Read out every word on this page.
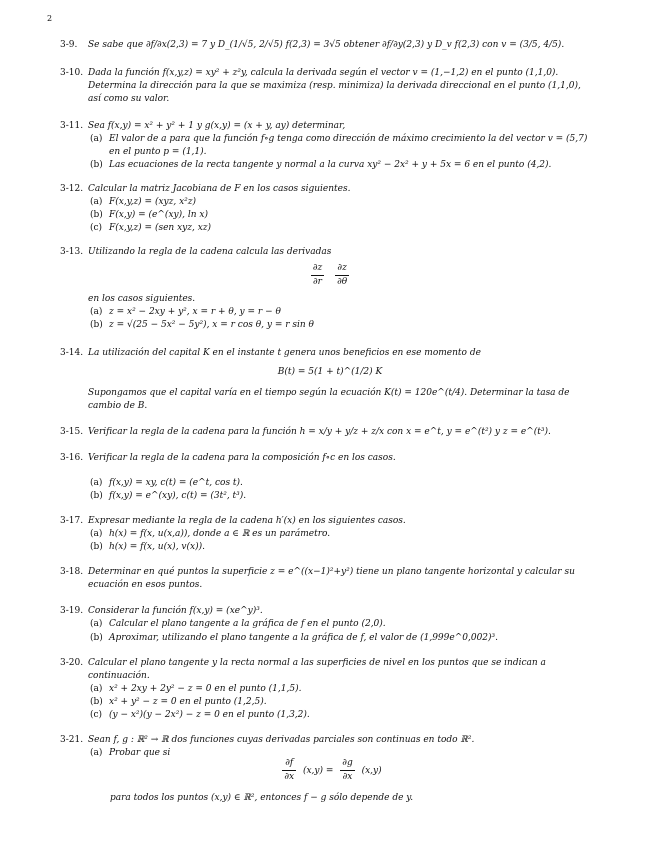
2
3-9. Se sabe que ∂f/∂x(2,3) = 7 y D_(1/√5, 2/√5) f(2,3) = 3√5 obtener ∂f/∂y(2,3) y D_v f(2,3) con v = (3/5, 4/5).
3-10. Dada la función f(x,y,z) = xy² + z²y, calcula la derivada según el vector v = (1,−1,2) en el punto (1,1,0). Determina la dirección para la que se maximiza (resp. minimiza) la derivada direccional en el punto (1,1,0), así como su valor.
3-11. Sea f(x,y) = x² + y² + 1 y g(x,y) = (x + y, ay) determinar,
(a) El valor de a para que la función f∘g tenga como dirección de máximo crecimiento la del vector v = (5,7) en el punto p = (1,1).
(b) Las ecuaciones de la recta tangente y normal a la curva xy² − 2x² + y + 5x = 6 en el punto (4,2).
3-12. Calcular la matriz Jacobiana de F en los casos siguientes.
(a) F(x,y,z) = (xyz, x²z)
(b) F(x,y) = (e^(xy), ln x)
(c) F(x,y,z) = (sen xyz, xz)
3-13. Utilizando la regla de la cadena calcula las derivadas
$\frac{\partial z}{\partial r}$
$\frac{\partial z}{\partial\theta}$
en los casos siguientes.
(a) z = x² − 2xy + y², x = r + θ, y = r − θ
(b) z = √(25 − 5x² − 5y²), x = r cos θ, y = r sin θ
3-14. La utilización del capital K en el instante t genera unos beneficios en ese momento de
B(t) = 5(1 + t)^(1/2) K
Supongamos que el capital varía en el tiempo según la ecuación K(t) = 120e^(t/4). Determinar la tasa de cambio de B.
3-15. Verificar la regla de la cadena para la función h = x/y + y/z + z/x con x = e^t, y = e^(t²) y z = e^(t³).
3-16. Verificar la regla de la cadena para la composición f∘c en los casos.
(a) f(x,y) = xy, c(t) = (e^t, cos t).
(b) f(x,y) = e^(xy), c(t) = (3t², t³).
3-17. Expresar mediante la regla de la cadena h′(x) en los siguientes casos.
(a) h(x) = f(x, u(x,a)), donde a ∈ ℝ es un parámetro.
(b) h(x) = f(x, u(x), v(x)).
3-18. Determinar en qué puntos la superficie z = e^((x−1)²+y²) tiene un plano tangente horizontal y calcular su ecuación en esos puntos.
3-19. Considerar la función f(x,y) = (xe^y)³.
(a) Calcular el plano tangente a la gráfica de f en el punto (2,0).
(b) Aproximar, utilizando el plano tangente a la gráfica de f, el valor de (1,999e^0,002)³.
3-20. Calcular el plano tangente y la recta normal a las superficies de nivel en los puntos que se indican a continuación.
(a) x² + 2xy + 2y² − z = 0 en el punto (1,1,5).
(b) x² + y² − z = 0 en el punto (1,2,5).
(c) (y − x²)(y − 2x²) − z = 0 en el punto (1,3,2).
3-21. Sean f, g : ℝ² → ℝ dos funciones cuyas derivadas parciales son continuas en todo ℝ².
(a) Probar que si
$\frac{\partial f}{\partial x} (x,y) = \frac{\partial g}{\partial x} (x,y)$
para todos los puntos (x,y) ∈ ℝ², entonces f − g sólo depende de y.
